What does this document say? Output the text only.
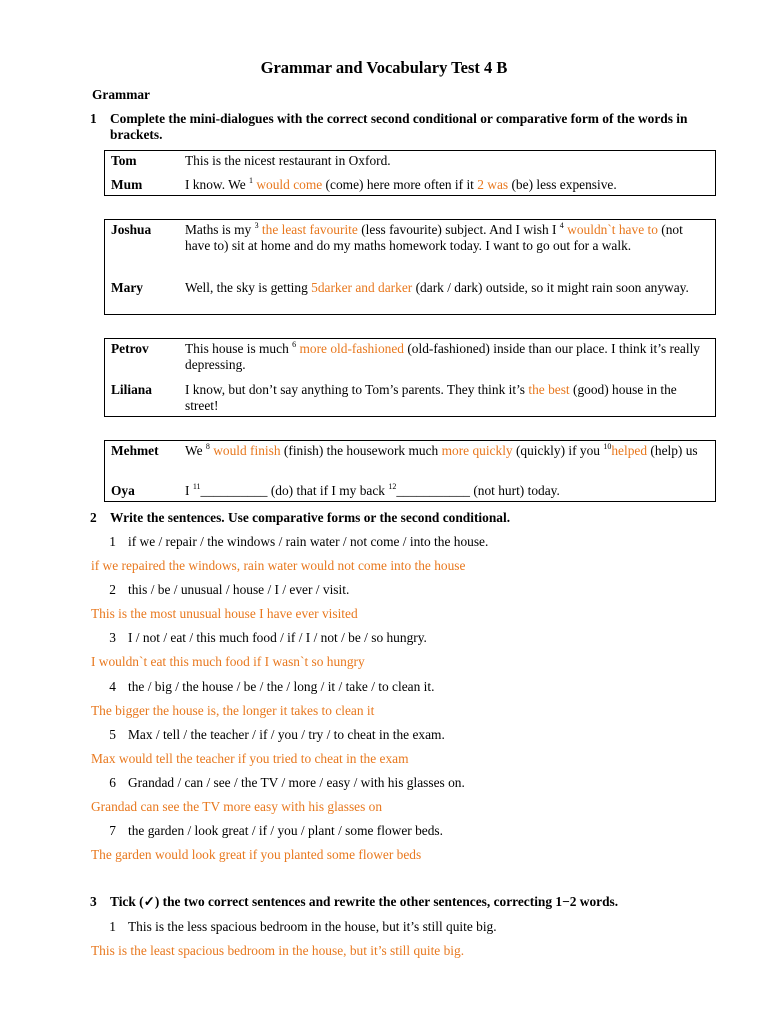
Grammar and Vocabulary Test 4 B
Grammar
1 Complete the mini-dialogues with the correct second conditional or comparative form of the words in brackets.
Tom	This is the nicest restaurant in Oxford.
Mum	I know. We $^1$ would come (come) here more often if it 2 was (be) less expensive.
Joshua	Maths is my $^3$ the least favourite (less favourite) subject. And I wish I $^4$ wouldn`t have to (not have to) sit at home and do my maths homework today. I want to go out for a walk.
Mary	Well, the sky is getting 5darker and darker (dark / dark) outside, so it might rain soon anyway.
Petrov	This house is much $^6$ more old-fashioned (old-fashioned) inside than our place. I think it’s really depressing.
Liliana I know, but don’t say anything to Tom’s parents. They think it’s the best (good) house in the street!
Mehmet We $^8$ would finish (finish) the housework much more quickly (quickly) if you $^{10}$helped (help) us
Oya	I $^{11}$__________ (do) that if I my back $^{12}$___________ (not hurt) today.
2 Write the sentences. Use comparative forms or the second conditional.
1 if we / repair / the windows / rain water / not come / into the house.
if we repaired the windows, rain water would not come into the house
2 this / be / unusual / house / I / ever / visit.
This is the most unusual house I have ever visited
3 I / not / eat / this much food / if / I / not / be / so hungry.
I wouldn`t eat this much food if I wasn`t so hungry
4 the / big / the house / be / the / long / it / take / to clean it.
The bigger the house is, the longer it takes to clean it
5 Max / tell / the teacher / if / you / try / to cheat in the exam.
Max would tell the teacher if you tried to cheat in the exam
6 Grandad / can / see / the TV / more / easy / with his glasses on.
Grandad can see the TV more easy with his glasses on
7 the garden / look great / if / you / plant / some flower beds.
The garden would look great if you planted some flower beds
3 Tick (✓) the two correct sentences and rewrite the other sentences, correcting 1−2 words.
1 This is the less spacious bedroom in the house, but it’s still quite big.
This is the least spacious bedroom in the house, but it’s still quite big.
